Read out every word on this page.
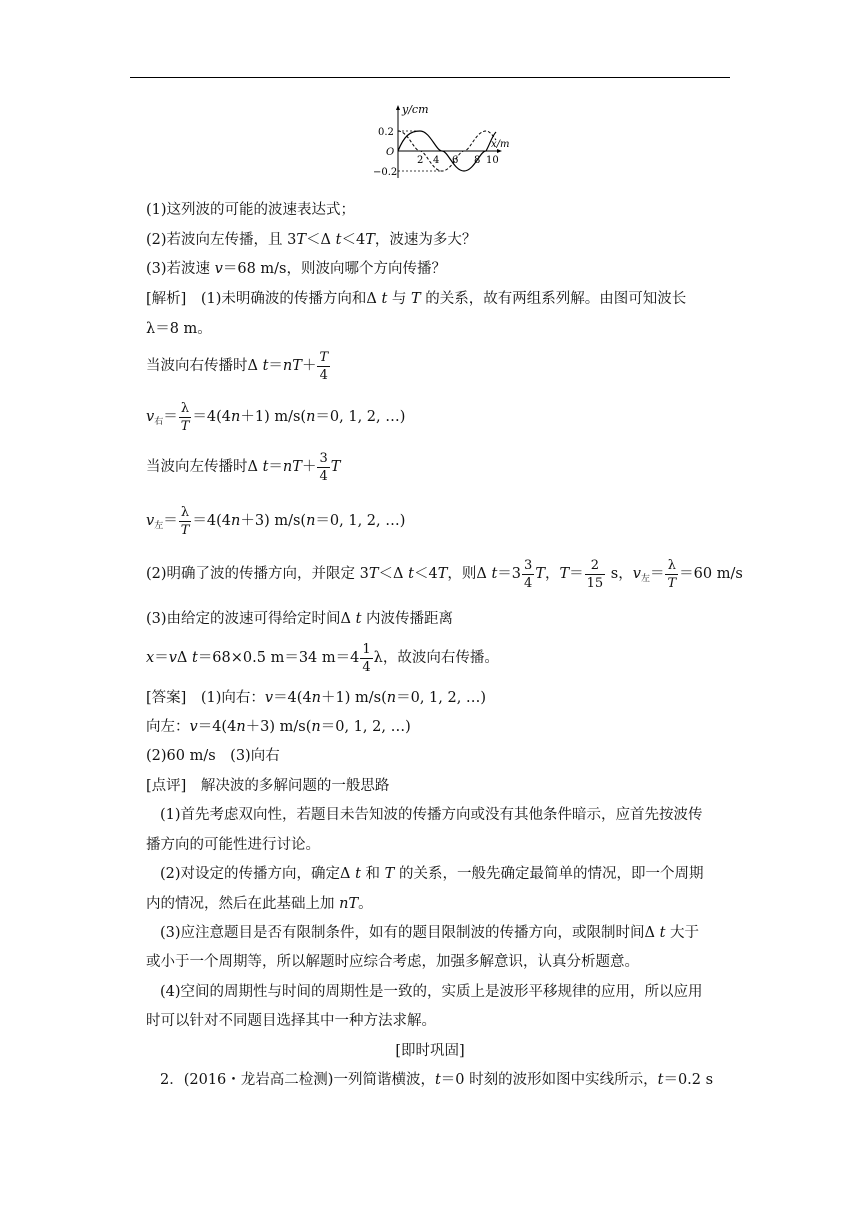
y/cm
x/m
O
0.2
−0.2
2 4 6 8 10
(1)这列波的可能的波速表达式；
(2)若波向左传播，且 3T＜Δ t＜4T，波速为多大？
(3)若波速 v＝68 m/s，则波向哪个方向传播？
[解析]　(1)未明确波的传播方向和Δ t 与 T 的关系，故有两组系列解。由图可知波长
λ＝8 m。
当波向右传播时Δ $t=nT+ \frac{T}{4}$
$v_右= \frac{\lambda}{T} =4(4n+1)$ m/s(n＝0, 1, 2, …)
当波向左传播时Δ $t=nT+ \frac{3}{4}$ T
$v_左= \frac{\lambda}{T} =4(4n+3)$ m/s(n＝0, 1, 2, …)
(2)明确了波的传播方向，并限定 3T＜Δ t＜4T，则Δ $t=3 \frac{3}{4}$ T，$T= \frac{2}{15}$ s，$v_左= \frac{\lambda}{T} =60$ m/s
(3)由给定的波速可得给定时间Δ t 内波传播距离
x＝vΔ t＝68×0.5 m＝34 $m=4 \frac{1}{4}$ λ，故波向右传播。
[答案]　(1)向右：v＝4(4n＋1) m/s(n＝0, 1, 2, …)
向左：v＝4(4n＋3) m/s(n＝0, 1, 2, …)
(2)60 m/s　(3)向右
[点评]　解决波的多解问题的一般思路
(1)首先考虑双向性，若题目未告知波的传播方向或没有其他条件暗示，应首先按波传
播方向的可能性进行讨论。
(2)对设定的传播方向，确定Δ t 和 T 的关系，一般先确定最简单的情况，即一个周期
内的情况，然后在此基础上加 nT。
(3)应注意题目是否有限制条件，如有的题目限制波的传播方向，或限制时间Δ t 大于
或小于一个周期等，所以解题时应综合考虑，加强多解意识，认真分析题意。
(4)空间的周期性与时间的周期性是一致的，实质上是波形平移规律的应用，所以应用
时可以针对不同题目选择其中一种方法求解。
[即时巩固]
2．(2016・龙岩高二检测)一列简谐横波，t＝0 时刻的波形如图中实线所示，t＝0.2 s
